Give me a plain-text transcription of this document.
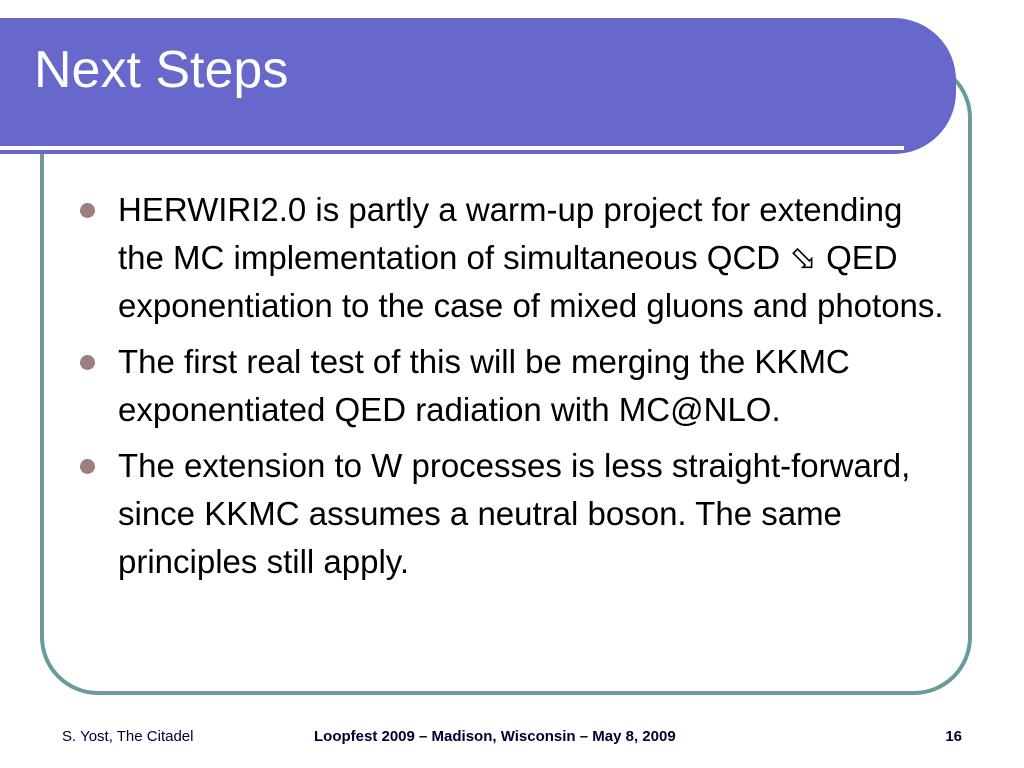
Next Steps
HERWIRI2.0 is partly a warm-up project for extending the MC implementation of simultaneous QCD ⬂ QED exponentiation to the case of mixed gluons and photons.
The first real test of this will be merging the KKMC exponentiated QED radiation with MC@NLO.
The extension to W processes is less straight-forward, since KKMC assumes a neutral boson. The same principles still apply.
S. Yost, The Citadel	Loopfest 2009 – Madison, Wisconsin – May 8, 2009	16
